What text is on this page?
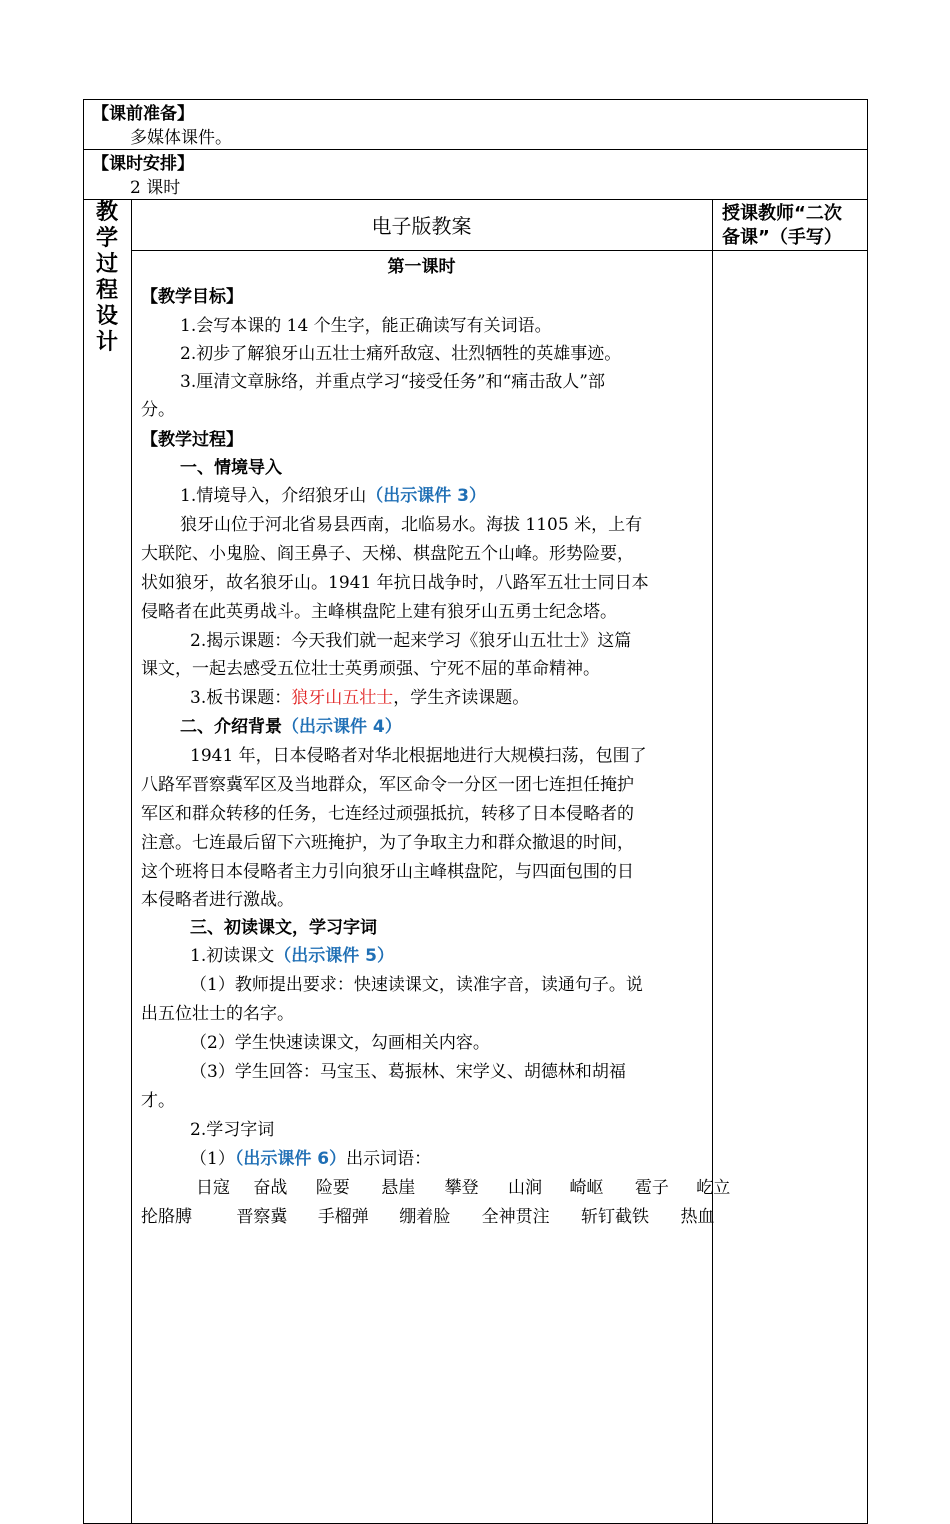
【课前准备】
多媒体课件。
【课时安排】
2 课时
教
学
过
程
设
计
电子版教案
授课教师“二次
备课”（手写）
第一课时
【教学目标】
1.会写本课的 14 个生字，能正确读写有关词语。
2.初步了解狼牙山五壮士痛歼敌寇、壮烈牺牲的英雄事迹。
3.厘清文章脉络，并重点学习“接受任务”和“痛击敌人”部
分。
【教学过程】
一、情境导入
1.情境导入，介绍狼牙山（出示课件 3）
狼牙山位于河北省易县西南，北临易水。海拔 1105 米，上有
大联陀、小鬼脸、阎王鼻子、天梯、棋盘陀五个山峰。形势险要，
状如狼牙，故名狼牙山。1941 年抗日战争时，八路军五壮士同日本
侵略者在此英勇战斗。主峰棋盘陀上建有狼牙山五勇士纪念塔。
2.揭示课题：今天我们就一起来学习《狼牙山五壮士》这篇
课文，一起去感受五位壮士英勇顽强、宁死不屈的革命精神。
3.板书课题：狼牙山五壮士，学生齐读课题。
二、介绍背景（出示课件 4）
1941 年，日本侵略者对华北根据地进行大规模扫荡，包围了
八路军晋察冀军区及当地群众，军区命令一分区一团七连担任掩护
军区和群众转移的任务，七连经过顽强抵抗，转移了日本侵略者的
注意。七连最后留下六班掩护，为了争取主力和群众撤退的时间，
这个班将日本侵略者主力引向狼牙山主峰棋盘陀，与四面包围的日
本侵略者进行激战。
三、初读课文，学习字词
1.初读课文（出示课件 5）
（1）教师提出要求：快速读课文，读准字音，读通句子。说
出五位壮士的名字。
（2）学生快速读课文，勾画相关内容。
（3）学生回答：马宝玉、葛振林、宋学义、胡德林和胡福
才。
2.学习字词
（1）（出示课件 6）出示词语：
日寇 奋战 险要 悬崖 攀登 山涧 崎岖 雹子 屹立
抡胳膊	晋察冀 手榴弹 绷着脸 全神贯注 斩钉截铁 热血
